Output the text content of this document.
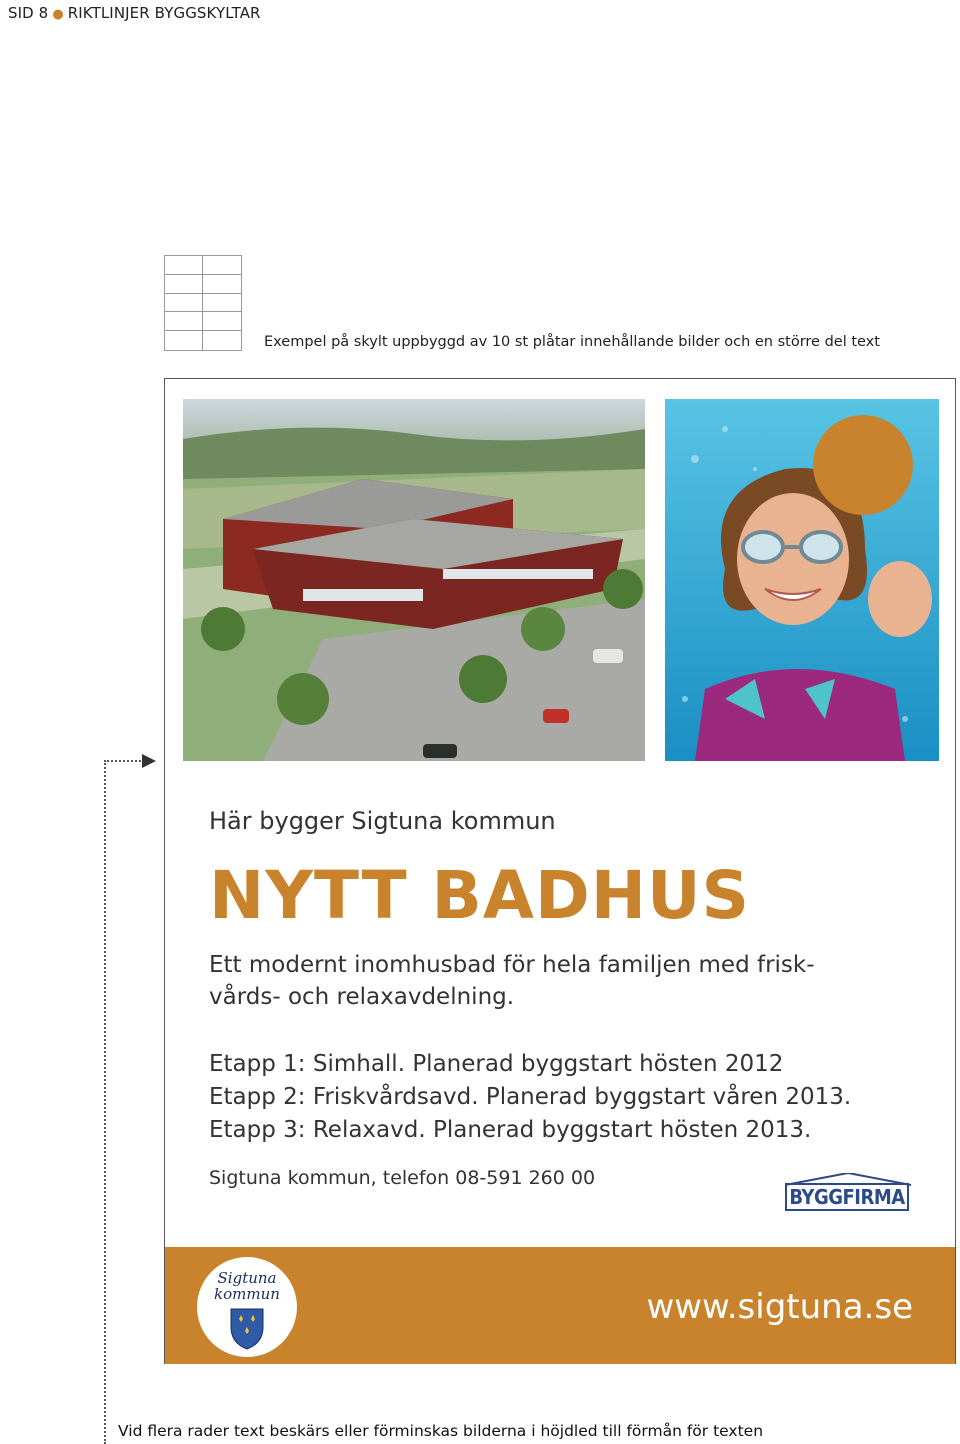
SID 8 ● RIKTLINJER BYGGSKYLTAR
Exempel på skylt uppbyggd av 10 st plåtar innehållande bilder och en större del text
Här bygger Sigtuna kommun
NYTT BADHUS
Ett modernt inomhusbad för hela familjen med frisk- vårds- och relaxavdelning.
Etapp 1: Simhall. Planerad byggstart hösten 2012
Etapp 2: Friskvårdsavd. Planerad byggstart våren 2013.
Etapp 3: Relaxavd. Planerad byggstart hösten 2013.
Sigtuna kommun, telefon 08-591 260 00
BYGGFIRMA
Sigtuna
kommun	www.sigtuna.se
Vid flera rader text beskärs eller förminskas bilderna i höjdled till förmån för texten
